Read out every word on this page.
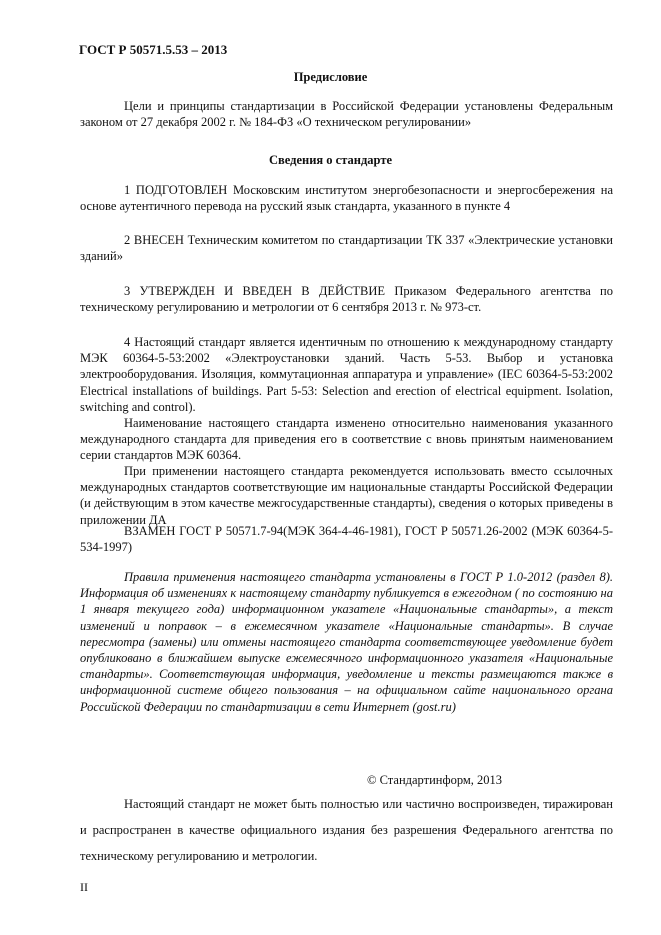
ГОСТ Р 50571.5.53 – 2013
Предисловие

Цели и принципы стандартизации в Российской Федерации установлены Федеральным законом от 27 декабря 2002 г. № 184-ФЗ «О техническом регулировании»

Сведения о стандарте

1 ПОДГОТОВЛЕН Московским институтом энергобезопасности и энергосбережения на основе аутентичного перевода на русский язык стандарта, указанного в пункте 4

2 ВНЕСЕН Техническим комитетом по стандартизации ТК 337 «Электрические установки зданий»

3 УТВЕРЖДЕН И ВВЕДЕН В ДЕЙСТВИЕ Приказом Федерального агентства по техническому регулированию и метрологии от 6 сентября 2013 г. № 973-ст.

4 Настоящий стандарт является идентичным по отношению к международному стандарту МЭК 60364-5-53:2002 «Электроустановки зданий. Часть 5-53. Выбор и установка электрооборудования. Изоляция, коммутационная аппаратура и управление» (IEC 60364-5-53:2002 Electrical installations of buildings. Part 5-53: Selection and erection of electrical equipment. Isolation, switching and control).

Наименование настоящего стандарта изменено относительно наименования указанного международного стандарта для приведения его в соответствие с вновь принятым наименованием серии стандартов МЭК 60364.

При применении настоящего стандарта рекомендуется использовать вместо ссылочных международных стандартов соответствующие им национальные стандарты Российской Федерации (и действующим в этом качестве межгосударственные стандарты), сведения о которых приведены в приложении ДА

ВЗАМЕН ГОСТ Р 50571.7-94(МЭК 364-4-46-1981), ГОСТ Р 50571.26-2002 (МЭК 60364-5-534-1997)

Правила применения настоящего стандарта установлены в ГОСТ Р 1.0-2012 (раздел 8). Информация об изменениях к настоящему стандарту публикуется в ежегодном ( по состоянию на 1 января текущего года) информационном указателе «Национальные стандарты», а текст изменений и поправок – в ежемесячном указателе «Национальные стандарты». В случае пересмотра (замены) или отмены настоящего стандарта соответствующее уведомление будет опубликовано в ближайшем выпуске ежемесячного информационного указателя «Национальные стандарты». Соответствующая информация, уведомление и тексты размещаются также в информационной системе общего пользования – на официальном сайте национального органа Российской Федерации по стандартизации в сети Интернет (gost.ru)

© Стандартинформ, 2013

Настоящий стандарт не может быть полностью или частично воспроизведен, тиражирован и распространен в качестве официального издания без разрешения Федерального агентства по техническому регулированию и метрологии.

II
